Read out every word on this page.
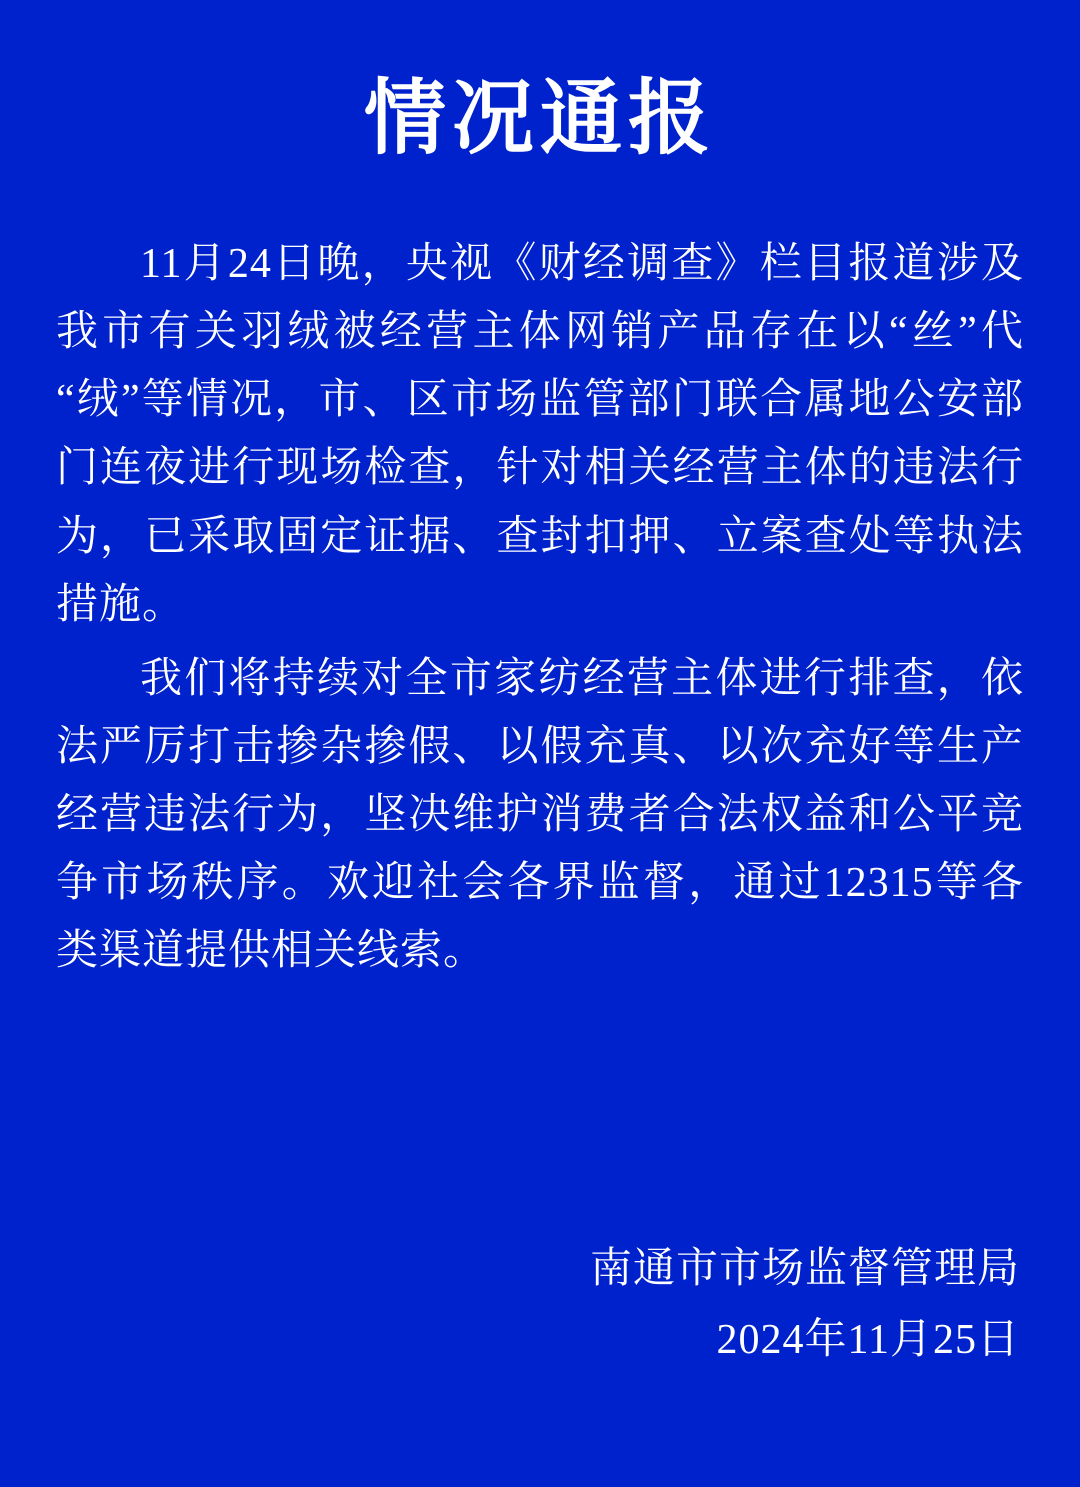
情况通报

11月24日晚，央视《财经调查》栏目报道涉及我市有关羽绒被经营主体网销产品存在以“丝”代“绒”等情况，市、区市场监管部门联合属地公安部门连夜进行现场检查，针对相关经营主体的违法行为，已采取固定证据、查封扣押、立案查处等执法措施。

我们将持续对全市家纺经营主体进行排查，依法严厉打击掺杂掺假、以假充真、以次充好等生产经营违法行为，坚决维护消费者合法权益和公平竞争市场秩序。欢迎社会各界监督，通过12315等各类渠道提供相关线索。

南通市市场监督管理局
2024年11月25日
